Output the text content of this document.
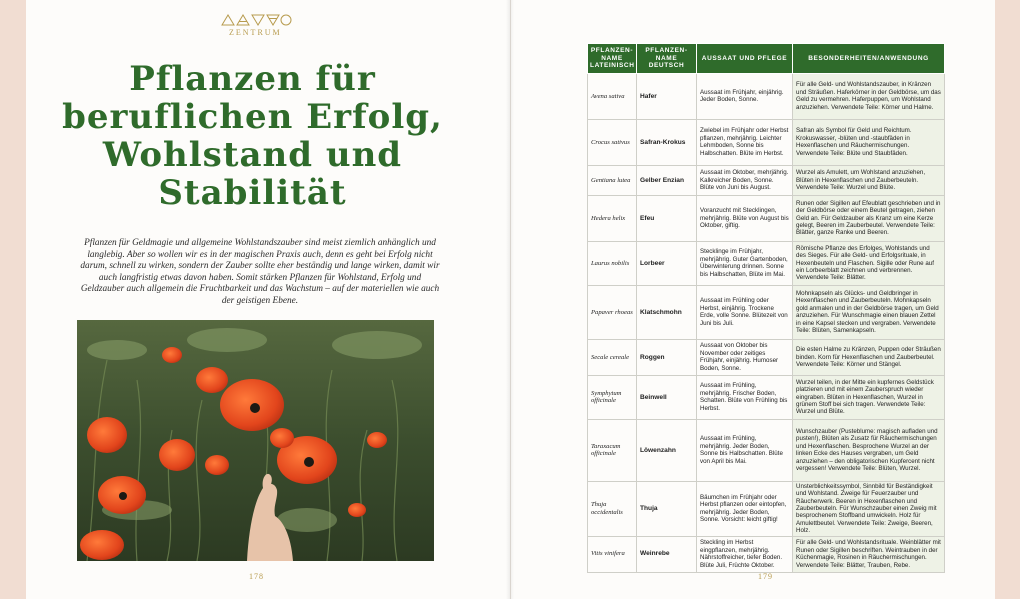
ZENTRUM
Pflanzen für
beruflichen Erfolg,
Wohlstand und
Stabilität

Pflanzen für Geldmagie und allgemeine Wohlstandszauber sind meist ziemlich anhänglich und langlebig. Aber so wollen wir es in der magischen Praxis auch, denn es geht bei Erfolg nicht darum, schnell zu wirken, sondern der Zauber sollte eher beständig und lange wirken, damit wir auch langfristig etwas davon haben. Somit stärken Pflanzen für Wohlstand, Erfolg und Geldzauber auch allgemein die Fruchtbarkeit und das Wachstum – auf der materiellen wie auch der geistigen Ebene.

178	179
PFLANZEN-NAME LATEINISCH	PFLANZEN-NAME DEUTSCH	AUSSAAT UND PFLEGE	BESONDERHEITEN/ANWENDUNG
Avena sativa	Hafer	Aussaat im Frühjahr, einjährig. Jeder Boden, Sonne.	Für alle Geld- und Wohlstandszauber, in Kränzen und Sträußen. Haferkörner in der Geldbörse, um das Geld zu vermehren. Haferpuppen, um Wohlstand anzuziehen. Verwendete Teile: Körner und Halme.
Crocus sativus	Safran-Krokus	Zwiebel im Frühjahr oder Herbst pflanzen, mehrjährig. Leichter Lehmboden, Sonne bis Halbschatten. Blüte im Herbst.	Safran als Symbol für Geld und Reichtum. Krokuswasser, -blüten und -staubfäden in Hexenflaschen und Räuchermischungen. Verwendete Teile: Blüte und Staubfäden.
Gentiana lutea	Gelber Enzian	Aussaat im Oktober, mehrjährig. Kalkreicher Boden, Sonne. Blüte von Juni bis August.	Wurzel als Amulett, um Wohlstand anzuziehen, Blüten in Hexenflaschen und Zauberbeuteln. Verwendete Teile: Wurzel und Blüte.
Hedera helix	Efeu	Voranzucht mit Stecklingen, mehrjährig. Blüte von August bis Oktober, giftig.	Runen oder Sigillen auf Efeublatt geschrieben und in der Geldbörse oder einem Beutel getragen, ziehen Geld an. Für Geldzauber als Kranz um eine Kerze gelegt, Beeren im Zauberbeutel. Verwendete Teile: Blätter, ganze Ranke und Beeren.
Laurus nobilis	Lorbeer	Stecklinge im Frühjahr, mehrjährig. Guter Gartenboden, Überwinterung drinnen. Sonne bis Halbschatten, Blüte im Mai.	Römische Pflanze des Erfolges, Wohlstands und des Sieges. Für alle Geld- und Erfolgsrituale, in Hexenbeuteln und Flaschen. Sigille oder Rune auf ein Lorbeerblatt zeichnen und verbrennen. Verwendete Teile: Blätter.
Papaver rhoeas	Klatschmohn	Aussaat im Frühling oder Herbst, einjährig. Trockene Erde, volle Sonne. Blütezeit von Juni bis Juli.	Mohnkapseln als Glücks- und Geldbringer in Hexenflaschen und Zauberbeuteln. Mohnkapseln gold anmalen und in der Geldbörse tragen, um Geld anzuziehen. Für Wunschmagie einen blauen Zettel in eine Kapsel stecken und vergraben. Verwendete Teile: Blüten, Samenkapseln.
Secale cereale	Roggen	Aussaat von Oktober bis November oder zeitiges Frühjahr, einjährig. Humoser Boden, Sonne.	Die esten Halme zu Kränzen, Puppen oder Sträußen binden. Korn für Hexenflaschen und Zauberbeutel. Verwendete Teile: Körner und Stängel.
Symphytum officinale	Beinwell	Aussaat im Frühling, mehrjährig. Frischer Boden, Schatten. Blüte von Frühling bis Herbst.	Wurzel teilen, in der Mitte ein kupfernes Geldstück platzieren und mit einem Zauberspruch wieder eingraben. Blüten in Hexenflaschen, Wurzel in grünem Stoff bei sich tragen. Verwendete Teile: Wurzel und Blüte.
Taraxacum officinale	Löwenzahn	Aussaat im Frühling, mehrjährig. Jeder Boden, Sonne bis Halbschatten. Blüte von April bis Mai.	Wunschzauber (Pusteblume: magisch aufladen und pusten!), Blüten als Zusatz für Räuchermischungen und Hexenflaschen. Besprochene Wurzel an der linken Ecke des Hauses vergraben, um Geld anzuziehen – den obligatorischen Kupfercent nicht vergessen! Verwendete Teile: Blüten, Wurzel.
Thuja occidentalis	Thuja	Bäumchen im Frühjahr oder Herbst pflanzen oder eintopfen, mehrjährig. Jeder Boden, Sonne. Vorsicht: leicht giftig!	Unsterblichkeitssymbol, Sinnbild für Beständigkeit und Wohlstand. Zweige für Feuerzauber und Räucherwerk. Beeren in Hexenflaschen und Zauberbeuteln. Für Wunschzauber einen Zweig mit besprochenem Stoffband umwickeln. Holz für Amulettbeutel. Verwendete Teile: Zweige, Beeren, Holz.
Vitis vinifera	Weinrebe	Steckling im Herbst eingpflanzen, mehrjährig. Nährstoffreicher, tiefer Boden. Blüte Juli, Früchte Oktober.	Für alle Geld- und Wohlstandsrituale. Weinblätter mit Runen oder Sigillen beschriften. Weintrauben in der Küchenmagie, Rosinen in Räuchermischungen. Verwendete Teile: Blätter, Trauben, Rebe.
